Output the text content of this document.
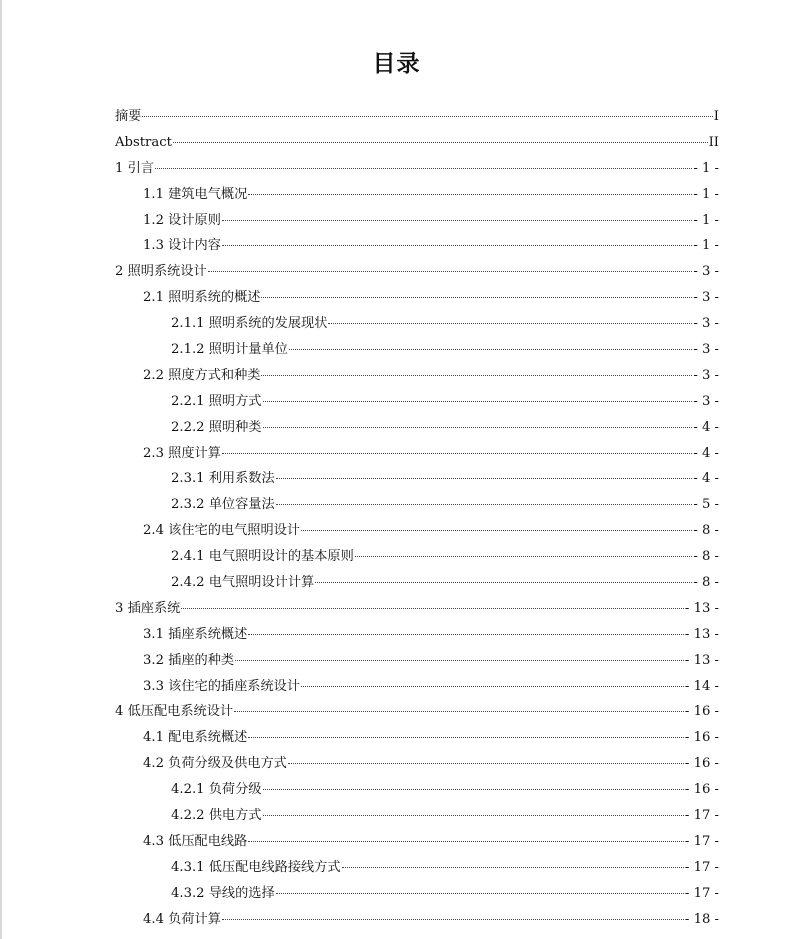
目录
摘要	I
Abstract	II
1 引言	- 1 -
1.1 建筑电气概况	- 1 -
1.2 设计原则	- 1 -
1.3 设计内容	- 1 -
2 照明系统设计	- 3 -
2.1 照明系统的概述	- 3 -
2.1.1 照明系统的发展现状	- 3 -
2.1.2 照明计量单位	- 3 -
2.2 照度方式和种类	- 3 -
2.2.1 照明方式	- 3 -
2.2.2 照明种类	- 4 -
2.3 照度计算	- 4 -
2.3.1 利用系数法	- 4 -
2.3.2 单位容量法	- 5 -
2.4 该住宅的电气照明设计	- 8 -
2.4.1 电气照明设计的基本原则	- 8 -
2.4.2 电气照明设计计算	- 8 -
3 插座系统	- 13 -
3.1 插座系统概述	- 13 -
3.2 插座的种类	- 13 -
3.3 该住宅的插座系统设计	- 14 -
4 低压配电系统设计	- 16 -
4.1 配电系统概述	- 16 -
4.2 负荷分级及供电方式	- 16 -
4.2.1 负荷分级	- 16 -
4.2.2 供电方式	- 17 -
4.3 低压配电线路	- 17 -
4.3.1 低压配电线路接线方式	- 17 -
4.3.2 导线的选择	- 17 -
4.4 负荷计算	- 18 -
